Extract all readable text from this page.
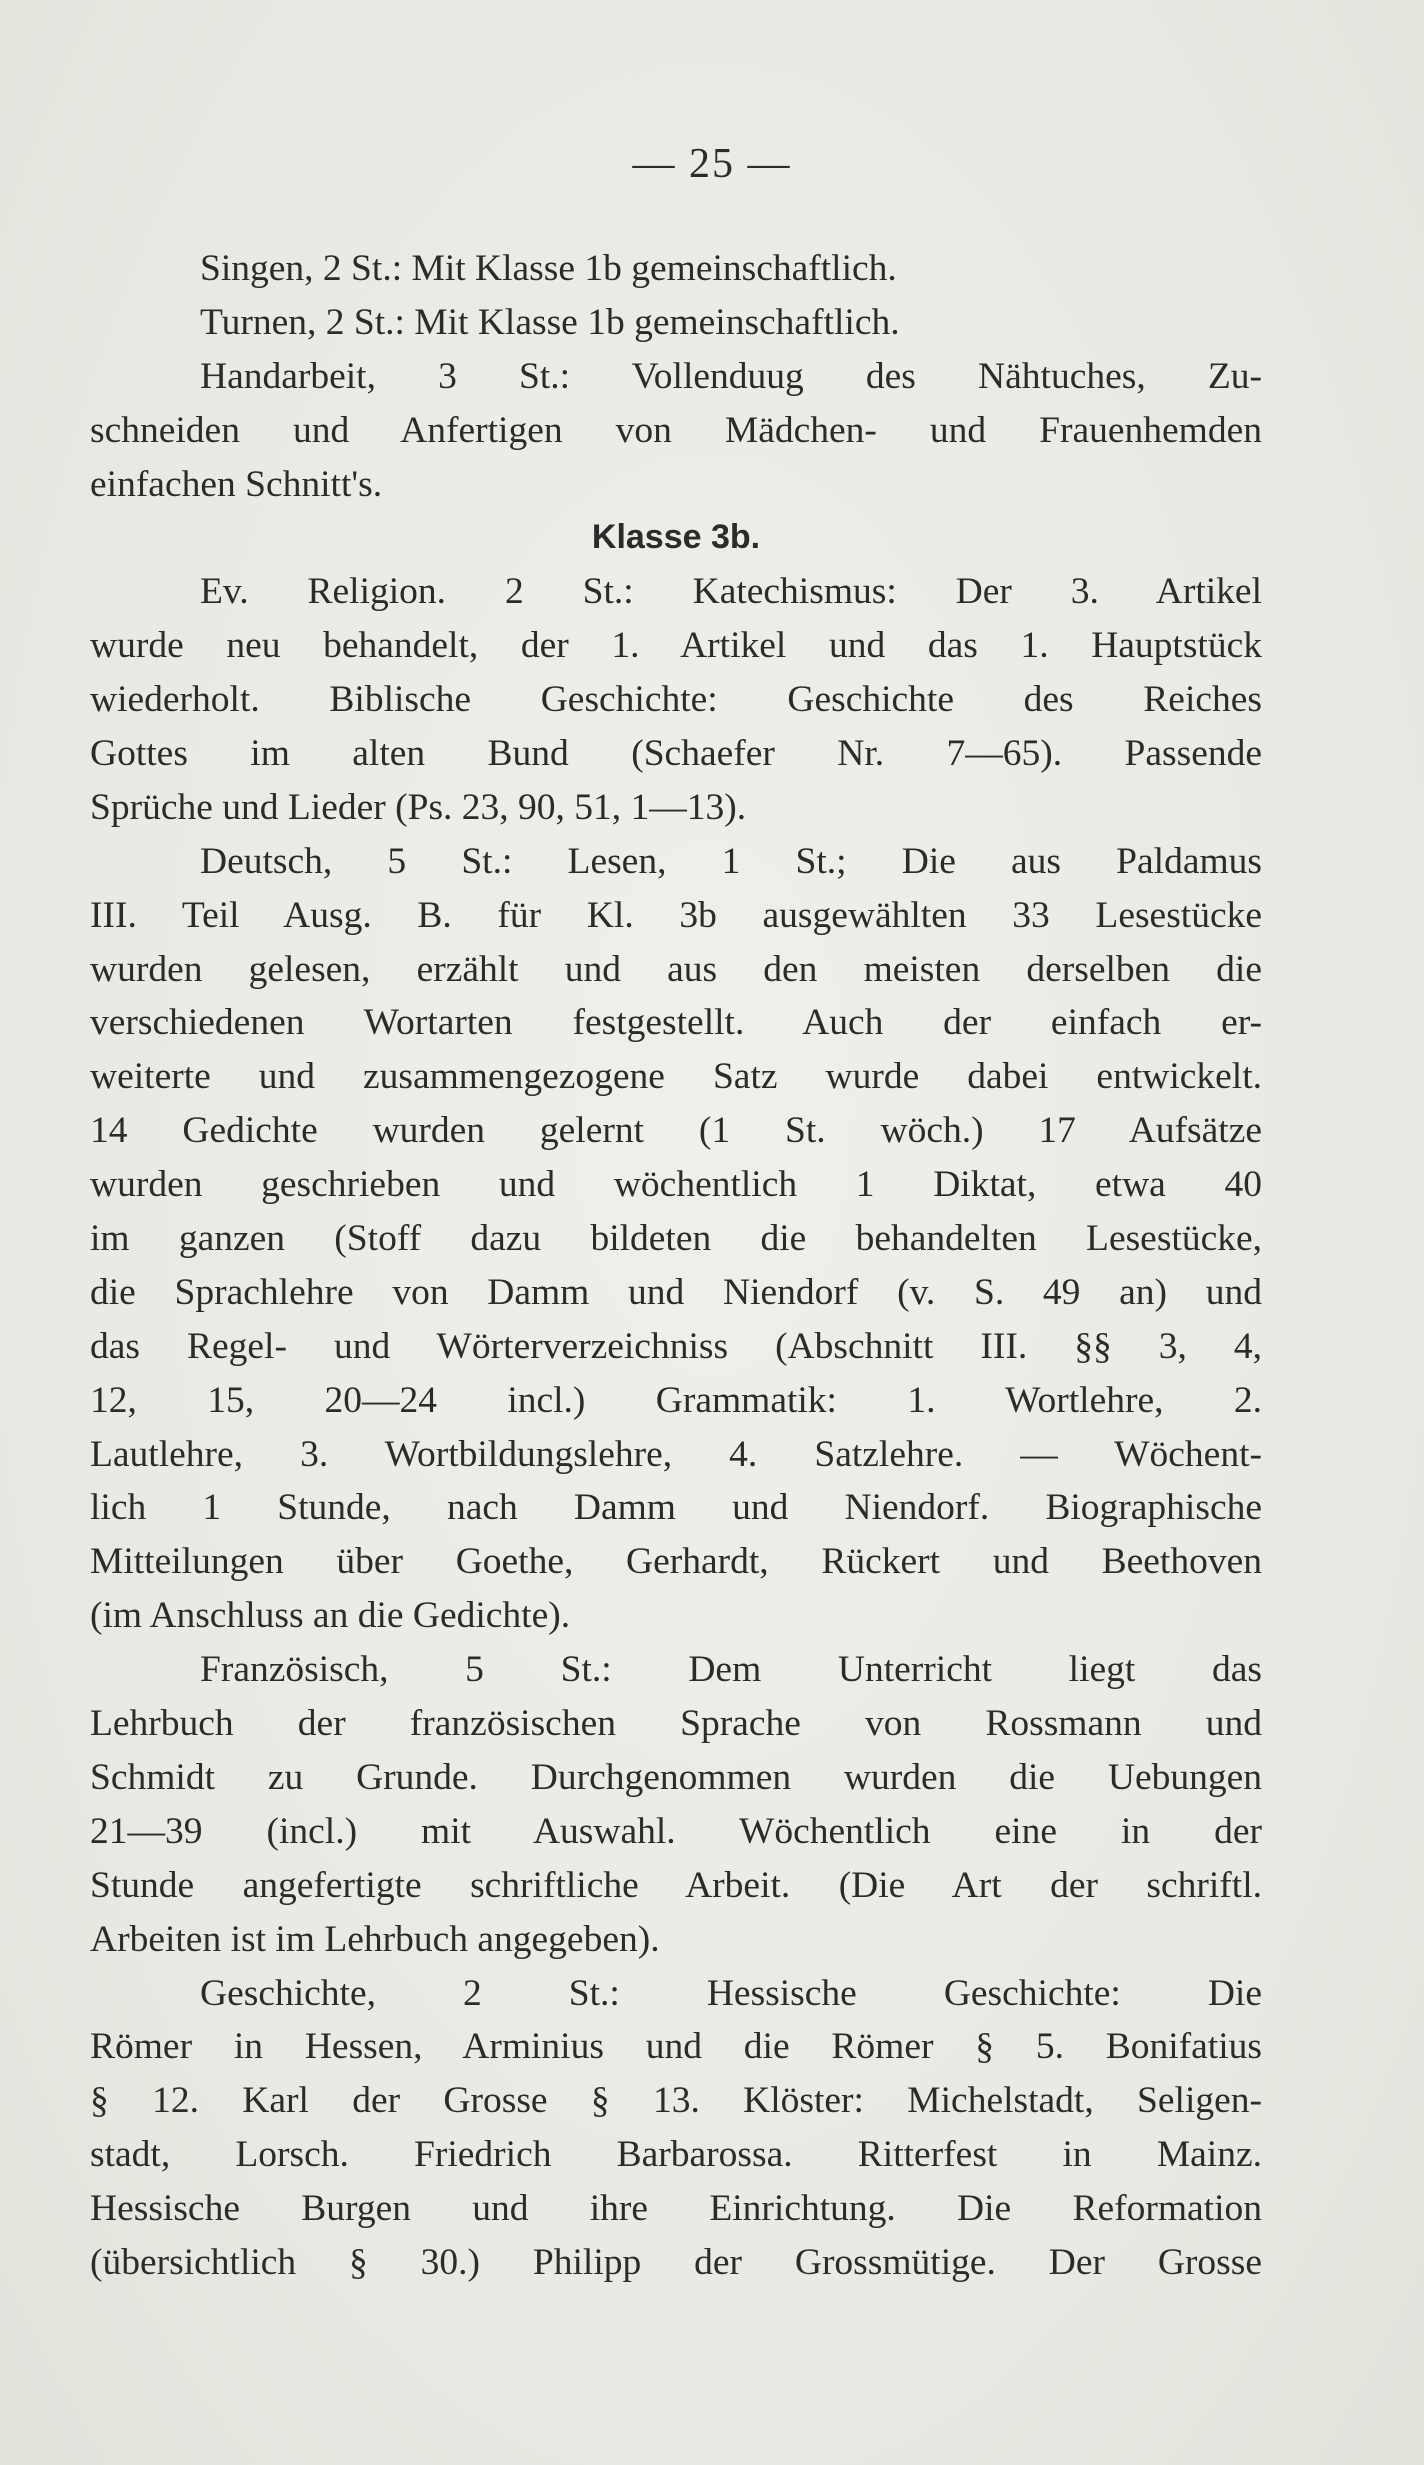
— 25 —
Singen, 2 St.: Mit Klasse 1b gemeinschaftlich.
Turnen, 2 St.: Mit Klasse 1b gemeinschaftlich.
Handarbeit, 3 St.: Vollenduug des Nähtuches, Zu-
schneiden und Anfertigen von Mädchen- und Frauenhemden
einfachen Schnitt's.
Klasse 3b.
Ev. Religion. 2 St.: Katechismus: Der 3. Artikel
wurde neu behandelt, der 1. Artikel und das 1. Hauptstück
wiederholt. Biblische Geschichte: Geschichte des Reiches
Gottes im alten Bund (Schaefer Nr. 7—65). Passende
Sprüche und Lieder (Ps. 23, 90, 51, 1—13).
Deutsch, 5 St.: Lesen, 1 St.; Die aus Paldamus
III. Teil Ausg. B. für Kl. 3b ausgewählten 33 Lesestücke
wurden gelesen, erzählt und aus den meisten derselben die
verschiedenen Wortarten festgestellt. Auch der einfach er-
weiterte und zusammengezogene Satz wurde dabei entwickelt.
14 Gedichte wurden gelernt (1 St. wöch.) 17 Aufsätze
wurden geschrieben und wöchentlich 1 Diktat, etwa 40
im ganzen (Stoff dazu bildeten die behandelten Lesestücke,
die Sprachlehre von Damm und Niendorf (v. S. 49 an) und
das Regel- und Wörterverzeichniss (Abschnitt III. §§ 3, 4,
12, 15, 20—24 incl.) Grammatik: 1. Wortlehre, 2.
Lautlehre, 3. Wortbildungslehre, 4. Satzlehre. — Wöchent-
lich 1 Stunde, nach Damm und Niendorf. Biographische
Mitteilungen über Goethe, Gerhardt, Rückert und Beethoven
(im Anschluss an die Gedichte).
Französisch, 5 St.: Dem Unterricht liegt das
Lehrbuch der französischen Sprache von Rossmann und
Schmidt zu Grunde. Durchgenommen wurden die Uebungen
21—39 (incl.) mit Auswahl. Wöchentlich eine in der
Stunde angefertigte schriftliche Arbeit. (Die Art der schriftl.
Arbeiten ist im Lehrbuch angegeben).
Geschichte, 2 St.: Hessische Geschichte: Die
Römer in Hessen, Arminius und die Römer § 5. Bonifatius
§ 12. Karl der Grosse § 13. Klöster: Michelstadt, Seligen-
stadt, Lorsch. Friedrich Barbarossa. Ritterfest in Mainz.
Hessische Burgen und ihre Einrichtung. Die Reformation
(übersichtlich § 30.) Philipp der Grossmütige. Der Grosse
